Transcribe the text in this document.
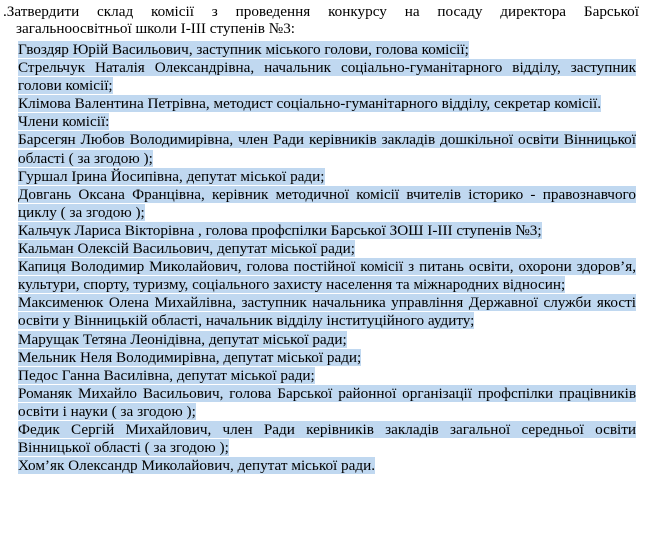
.Затвердити склад комісії з проведення конкурсу на посаду директора Барської
загальноосвітньої школи І-ІІІ ступенів №3:

Гвоздяр Юрій Васильович, заступник міського голови, голова комісії;
Стрельчук Наталія Олександрівна, начальник соціально-гуманітарного відділу, заступник голови комісії;
Клімова Валентина Петрівна, методист соціально-гуманітарного відділу, секретар комісії.
Члени комісії:
Барсегян Любов Володимирівна, член Ради керівників закладів дошкільної освіти Вінницької області ( за згодою );
Гуршал Ірина Йосипівна, депутат міської ради;
Довгань Оксана Францівна, керівник методичної комісії вчителів історико - правознавчого циклу ( за згодою );
Кальчук Лариса Вікторівна , голова профспілки Барської ЗОШ І-ІІІ ступенів №3;
Кальман Олексій Васильович, депутат міської ради;
Капиця Володимир Миколайович, голова постійної комісії з питань освіти, охорони здоров’я, культури, спорту, туризму, соціального захисту населення та міжнародних відносин;
Максименюк Олена Михайлівна, заступник начальника управління Державної служби якості освіти у Вінницькій області, начальник відділу інституційного аудиту;
Марущак Тетяна Леонідівна, депутат міської ради;
Мельник Неля Володимирівна, депутат міської ради;
Педос Ганна Василівна, депутат міської ради;
Романяк Михайло Васильович, голова Барської районної організації профспілки працівників освіти і науки ( за згодою );
Федик Сергій Михайлович, член Ради керівників закладів загальної середньої освіти Вінницької області ( за згодою );
Хом’як Олександр Миколайович, депутат міської ради.
